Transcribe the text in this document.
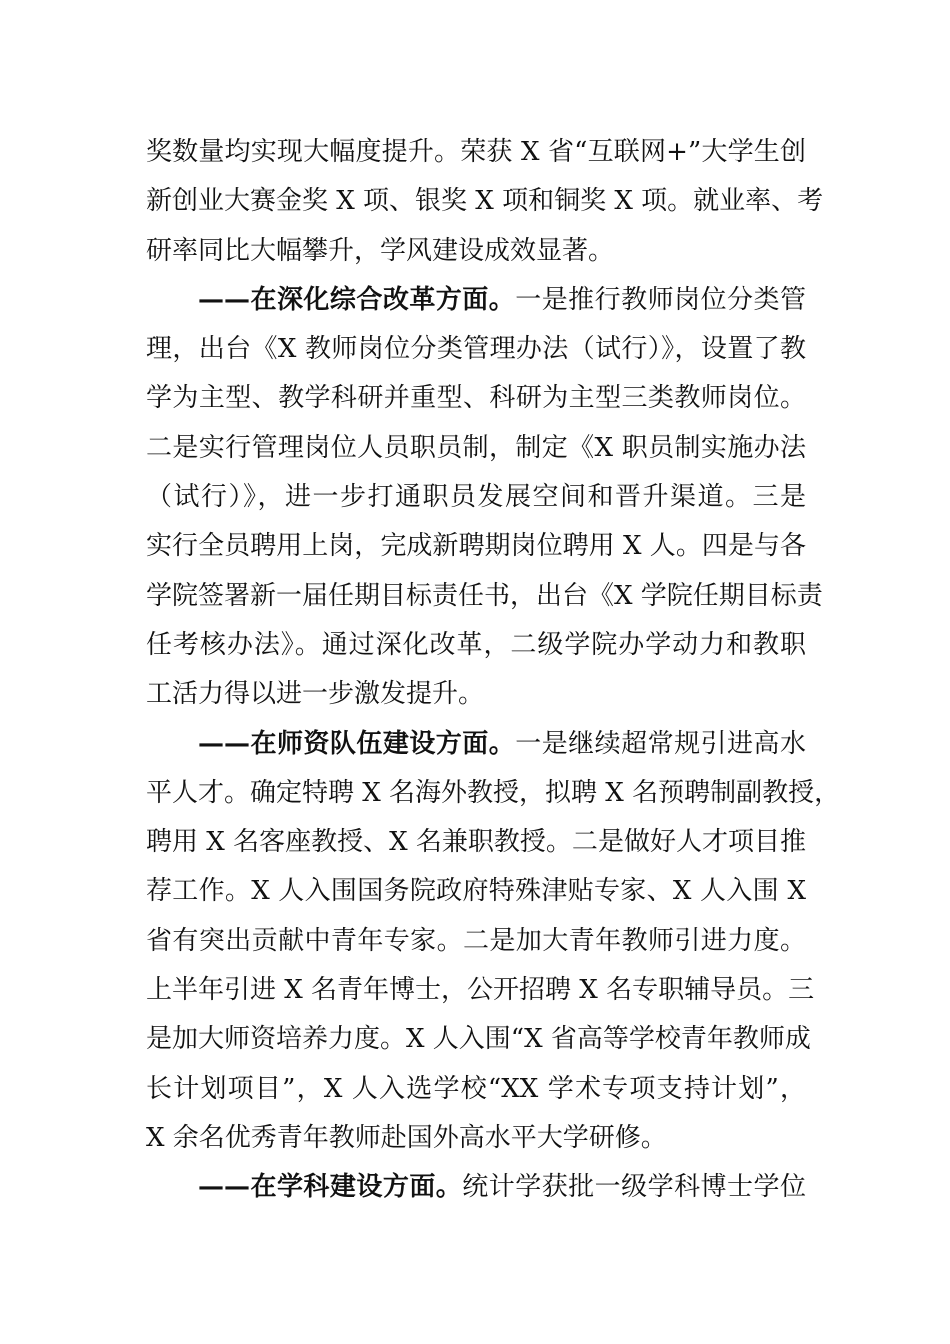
奖数量均实现大幅度提升。荣获 X 省“互联网+”大学生创
新创业大赛金奖 X 项、银奖 X 项和铜奖 X 项。就业率、考
研率同比大幅攀升，学风建设成效显著。
——在深化综合改革方面。一是推行教师岗位分类管
理，出台《X 教师岗位分类管理办法（试行）》，设置了教
学为主型、教学科研并重型、科研为主型三类教师岗位。
二是实行管理岗位人员职员制，制定《X 职员制实施办法
（试行）》，进一步打通职员发展空间和晋升渠道。三是
实行全员聘用上岗，完成新聘期岗位聘用 X 人。四是与各
学院签署新一届任期目标责任书，出台《X 学院任期目标责
任考核办法》。通过深化改革，二级学院办学动力和教职
工活力得以进一步激发提升。
——在师资队伍建设方面。一是继续超常规引进高水
平人才。确定特聘 X 名海外教授，拟聘 X 名预聘制副教授，
聘用 X 名客座教授、X 名兼职教授。二是做好人才项目推
荐工作。X 人入围国务院政府特殊津贴专家、X 人入围 X
省有突出贡献中青年专家。二是加大青年教师引进力度。
上半年引进 X 名青年博士，公开招聘 X 名专职辅导员。三
是加大师资培养力度。X 人入围“X 省高等学校青年教师成
长计划项目”，X 人入选学校“XX 学术专项支持计划”，
X 余名优秀青年教师赴国外高水平大学研修。
——在学科建设方面。统计学获批一级学科博士学位
